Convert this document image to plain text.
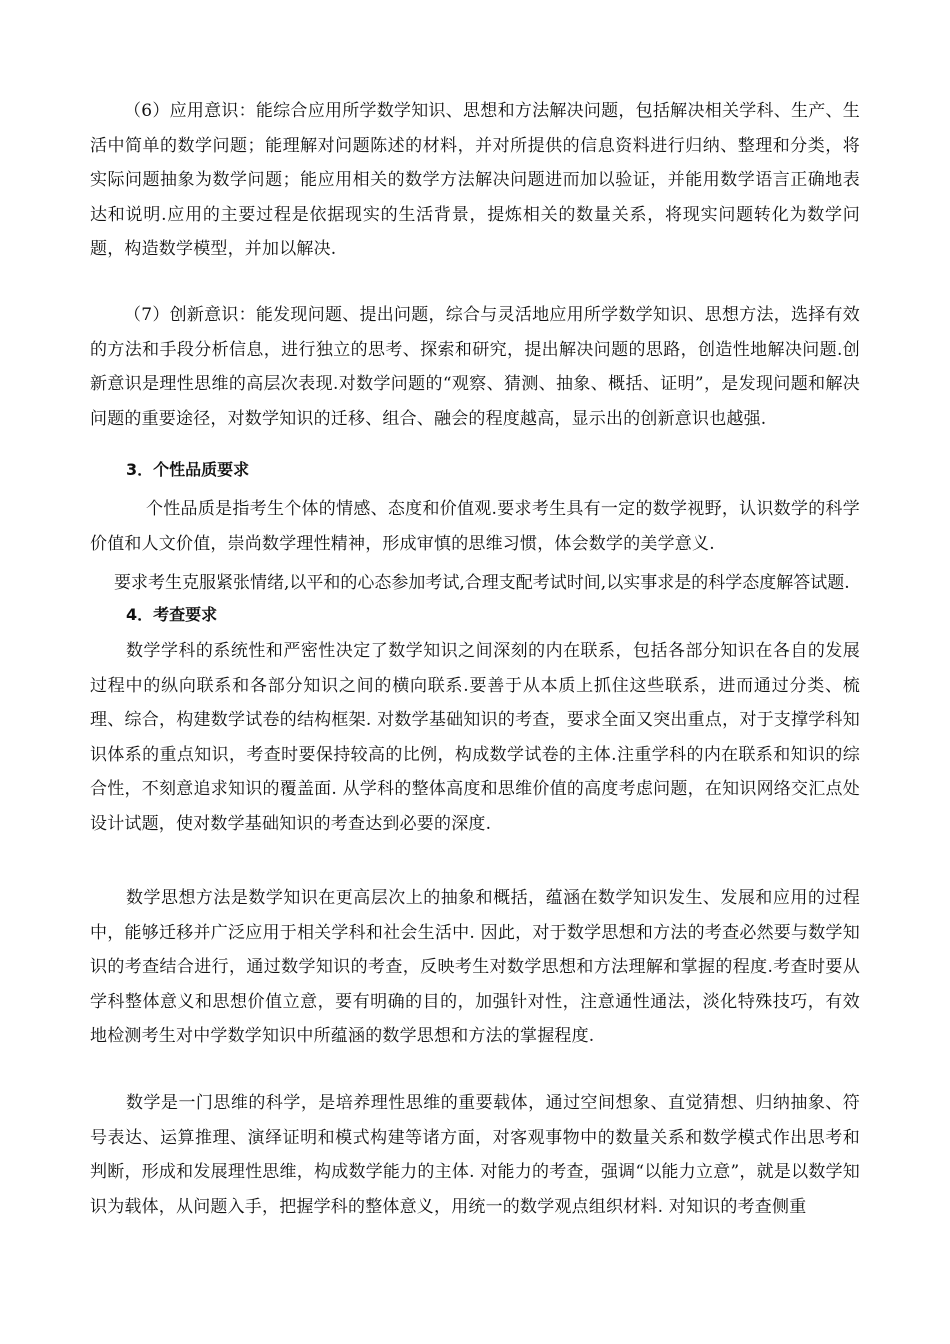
（6）应用意识：能综合应用所学数学知识、思想和方法解决问题，包括解决相关学科、生产、生活中简单的数学问题；能理解对问题陈述的材料，并对所提供的信息资料进行归纳、整理和分类，将实际问题抽象为数学问题；能应用相关的数学方法解决问题进而加以验证，并能用数学语言正确地表达和说明.应用的主要过程是依据现实的生活背景，提炼相关的数量关系，将现实问题转化为数学问题，构造数学模型，并加以解决.

（7）创新意识：能发现问题、提出问题，综合与灵活地应用所学数学知识、思想方法，选择有效的方法和手段分析信息，进行独立的思考、探索和研究，提出解决问题的思路，创造性地解决问题.创新意识是理性思维的高层次表现.对数学问题的“观察、猜测、抽象、概括、证明”，是发现问题和解决问题的重要途径，对数学知识的迁移、组合、融会的程度越高，显示出的创新意识也越强.

3．个性品质要求

个性品质是指考生个体的情感、态度和价值观.要求考生具有一定的数学视野，认识数学的科学价值和人文价值，崇尚数学理性精神，形成审慎的思维习惯，体会数学的美学意义.

要求考生克服紧张情绪,以平和的心态参加考试,合理支配考试时间,以实事求是的科学态度解答试题.

4．考查要求

数学学科的系统性和严密性决定了数学知识之间深刻的内在联系，包括各部分知识在各自的发展过程中的纵向联系和各部分知识之间的横向联系.要善于从本质上抓住这些联系，进而通过分类、梳理、综合，构建数学试卷的结构框架. 对数学基础知识的考查，要求全面又突出重点，对于支撑学科知识体系的重点知识，考查时要保持较高的比例，构成数学试卷的主体.注重学科的内在联系和知识的综合性，不刻意追求知识的覆盖面. 从学科的整体高度和思维价值的高度考虑问题，在知识网络交汇点处设计试题，使对数学基础知识的考查达到必要的深度.

数学思想方法是数学知识在更高层次上的抽象和概括，蕴涵在数学知识发生、发展和应用的过程中，能够迁移并广泛应用于相关学科和社会生活中. 因此，对于数学思想和方法的考查必然要与数学知识的考查结合进行，通过数学知识的考查，反映考生对数学思想和方法理解和掌握的程度.考查时要从学科整体意义和思想价值立意，要有明确的目的，加强针对性，注意通性通法，淡化特殊技巧，有效地检测考生对中学数学知识中所蕴涵的数学思想和方法的掌握程度.

数学是一门思维的科学，是培养理性思维的重要载体，通过空间想象、直觉猜想、归纳抽象、符号表达、运算推理、演绎证明和模式构建等诸方面，对客观事物中的数量关系和数学模式作出思考和判断，形成和发展理性思维，构成数学能力的主体. 对能力的考查，强调“以能力立意”，就是以数学知识为载体，从问题入手，把握学科的整体意义，用统一的数学观点组织材料. 对知识的考查侧重
